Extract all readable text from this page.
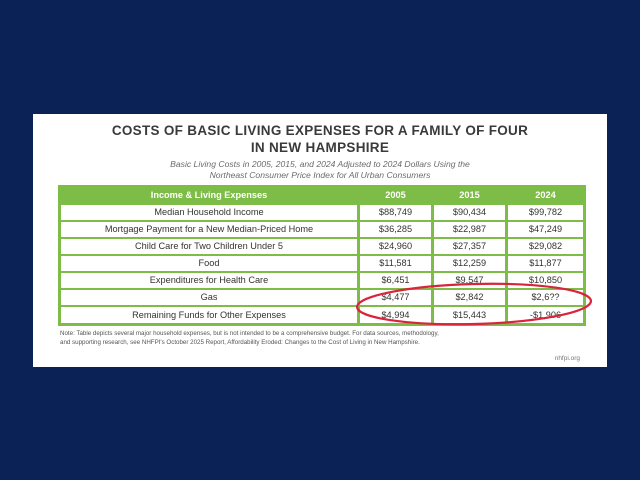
COSTS OF BASIC LIVING EXPENSES FOR A FAMILY OF FOUR
IN NEW HAMPSHIRE
Basic Living Costs in 2005, 2015, and 2024 Adjusted to 2024 Dollars Using the
Northeast Consumer Price Index for All Urban Consumers
Income & Living Expenses	2005	2015	2024
Median Household Income	$88,749	$90,434	$99,782
Mortgage Payment for a New Median-Priced Home	$36,285	$22,987	$47,249
Child Care for Two Children Under 5	$24,960	$27,357	$29,082
Food	$11,581	$12,259	$11,877
Expenditures for Health Care	$6,451	$9,547	$10,850
Gas	$4,477	$2,842	$2,6??
Remaining Funds for Other Expenses	$4,994	$15,443	-$1,906
Note: Table depicts several major household expenses, but is not intended to be a comprehensive budget. For data sources, methodology,
and supporting research, see NHFPI's October 2025 Report, Affordability Eroded: Changes to the Cost of Living in New Hampshire.
nhfpi.org
